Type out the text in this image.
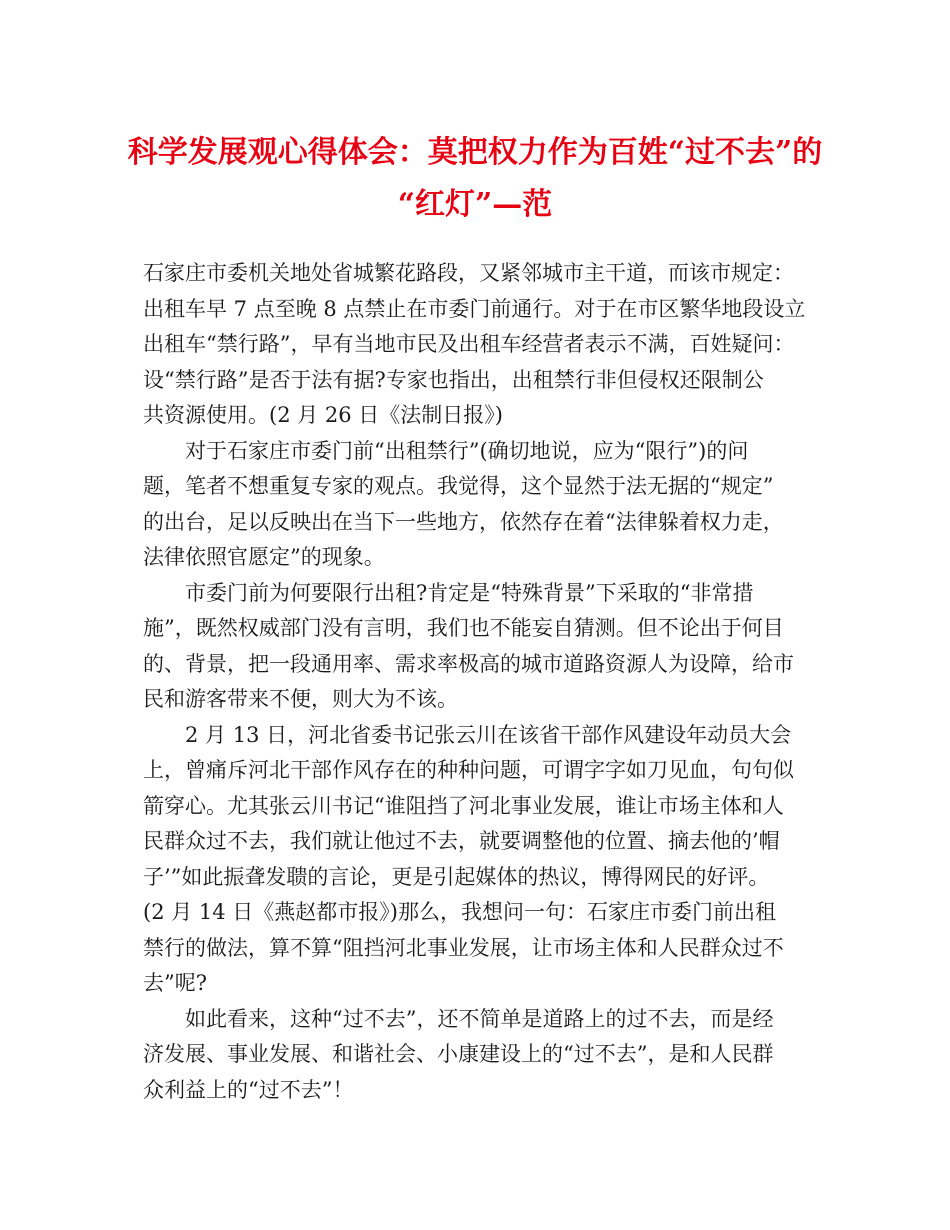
科学发展观心得体会：莫把权力作为百姓“过不去”的
“红灯”—范

石家庄市委机关地处省城繁花路段，又紧邻城市主干道，而该市规定：
出租车早 7 点至晚 8 点禁止在市委门前通行。对于在市区繁华地段设立
出租车“禁行路”，早有当地市民及出租车经营者表示不满，百姓疑问：
设“禁行路”是否于法有据?专家也指出，出租禁行非但侵权还限制公
共资源使用。(2 月 26 日《法制日报》)

对于石家庄市委门前“出租禁行”(确切地说，应为“限行”)的问
题，笔者不想重复专家的观点。我觉得，这个显然于法无据的“规定”
的出台，足以反映出在当下一些地方，依然存在着“法律躲着权力走，
法律依照官愿定”的现象。

市委门前为何要限行出租?肯定是“特殊背景”下采取的“非常措
施”，既然权威部门没有言明，我们也不能妄自猜测。但不论出于何目
的、背景，把一段通用率、需求率极高的城市道路资源人为设障，给市
民和游客带来不便，则大为不该。

2 月 13 日，河北省委书记张云川在该省干部作风建设年动员大会
上，曾痛斥河北干部作风存在的种种问题，可谓字字如刀见血，句句似
箭穿心。尤其张云川书记“谁阻挡了河北事业发展，谁让市场主体和人
民群众过不去，我们就让他过不去，就要调整他的位置、摘去他的’帽
子’”如此振聋发聩的言论，更是引起媒体的热议，博得网民的好评。
(2 月 14 日《燕赵都市报》)那么，我想问一句：石家庄市委门前出租
禁行的做法，算不算“阻挡河北事业发展，让市场主体和人民群众过不
去”呢?

如此看来，这种“过不去”，还不简单是道路上的过不去，而是经
济发展、事业发展、和谐社会、小康建设上的“过不去”，是和人民群
众利益上的“过不去”！
